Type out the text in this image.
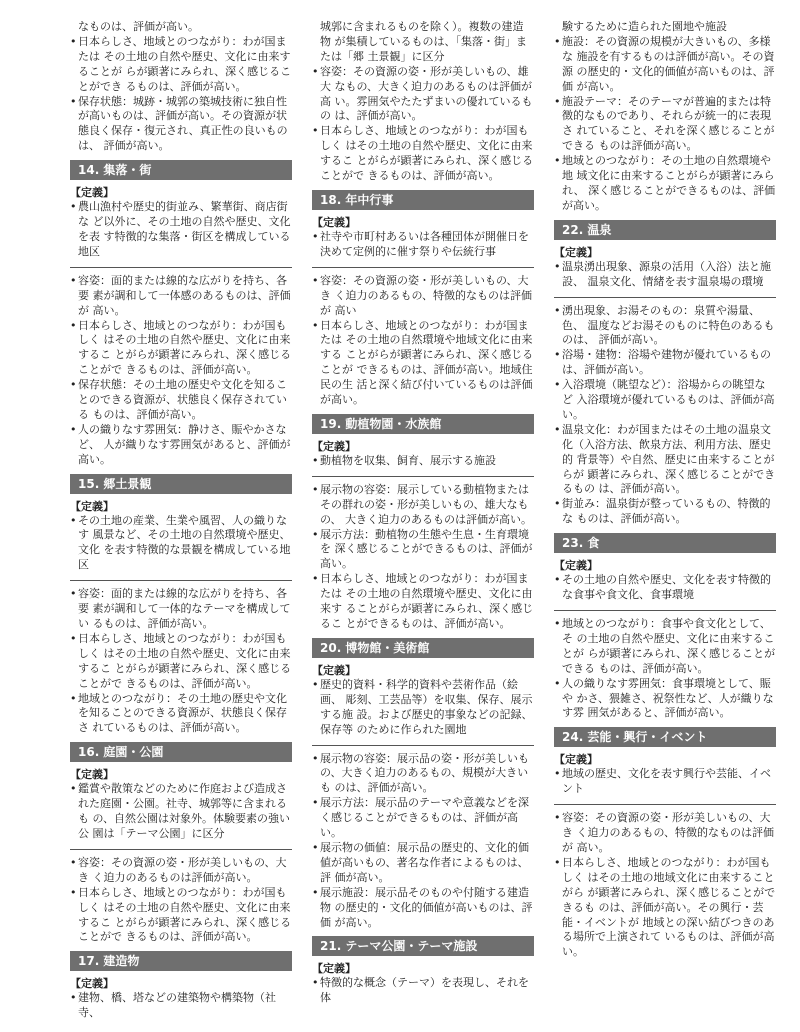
なものは、評価が高い。
• 日本らしさ、地域とのつながり：わが国または その土地の自然や歴史、文化に由来することが らが顕著にみられ、深く感じることができ るものは、評価が高い。
• 保存状態：城跡・城郭の築城技術に独自性 が高いものは、評価が高い。その資源が状 態良く保存・復元され、真正性の良いものは、 評価が高い。
14. 集落・街
【定義】
• 農山漁村や歴史的街並み、繁華街、商店街な ど以外に、その土地の自然や歴史、文化を表 す特徴的な集落・街区を構成している地区
• 容姿：面的または線的な広がりを持ち、各要 素が調和して一体感のあるものは、評価が 高い。
• 日本らしさ、地域とのつながり：わが国もしく はその土地の自然や歴史、文化に由来するこ とがらが顕著にみられ、深く感じることがで きるものは、評価が高い。
• 保存状態：その土地の歴史や文化を知るこ とのできる資源が、状態良く保存されている ものは、評価が高い。
• 人の織りなす雰囲気：静けさ、賑やかさなど、 人が織りなす雰囲気があると、評価が高い。
15. 郷土景観
【定義】
• その土地の産業、生業や風習、人の織りなす 風景など、その土地の自然環境や歴史、文化 を表す特徴的な景観を構成している地区
• 容姿：面的または線的な広がりを持ち、各要 素が調和して一体的なテーマを構成してい るものは、評価が高い。
• 日本らしさ、地域とのつながり：わが国もしく はその土地の自然や歴史、文化に由来するこ とがらが顕著にみられ、深く感じることがで きるものは、評価が高い。
• 地域とのつながり：その土地の歴史や文化 を知ることのできる資源が、状態良く保存さ れているものは、評価が高い。
16. 庭園・公園
【定義】
• 鑑賞や散策などのために作庭および造成さ れた庭園・公園。社寺、城郭等に含まれるも の、自然公園は対象外。体験要素の強い公 園は「テーマ公園」に区分
• 容姿：その資源の姿・形が美しいもの、大き く迫力のあるものは評価が高い。
• 日本らしさ、地域とのつながり：わが国もしく はその土地の自然や歴史、文化に由来するこ とがらが顕著にみられ、深く感じることがで きるものは、評価が高い。
17. 建造物
【定義】
• 建物、橋、塔などの建築物や構築物（社寺、
城郭に含まれるものを除く）。複数の建造物 が集積しているものは、「集落・街」または「郷 土景観」に区分
• 容姿：その資源の姿・形が美しいもの、雄大 なもの、大きく迫力のあるものは評価が高 い。雰囲気やたたずまいの優れているもの は、評価が高い。
• 日本らしさ、地域とのつながり：わが国もしく はその土地の自然や歴史、文化に由来するこ とがらが顕著にみられ、深く感じることがで きるものは、評価が高い。
18. 年中行事
【定義】
• 社寺や市町村あるいは各種団体が開催日を 決めて定例的に催す祭りや伝統行事
• 容姿：その資源の姿・形が美しいもの、大き く迫力のあるもの、特徴的なものは評価が 高い
• 日本らしさ、地域とのつながり：わが国または その土地の自然環境や地域文化に由来する ことがらが顕著にみられ、深く感じることが できるものは、評価が高い。地域住民の生 活と深く結び付いているものは評価が高い。
19. 動植物園・水族館
【定義】
• 動植物を収集、飼育、展示する施設
• 展示物の容姿：展示している動植物または その群れの姿・形が美しいもの、雄大なもの、 大きく迫力のあるものは評価が高い。
• 展示方法：動植物の生態や生息・生育環境を 深く感じることができるものは、評価が高い。
• 日本らしさ、地域とのつながり：わが国または その土地の自然環境や歴史、文化に由来す ることがらが顕著にみられ、深く感じるこ とができるものは、評価が高い。
20. 博物館・美術館
【定義】
• 歴史的資料・科学的資料や芸術作品（絵画、 彫刻、工芸品等）を収集、保存、展示する施 設。および歴史的事象などの記録、保存等 のために作られた園地
• 展示物の容姿：展示品の姿・形が美しいも の、大きく迫力のあるもの、規模が大きいも のは、評価が高い。
• 展示方法：展示品のテーマや意義などを深 く感じることができるものは、評価が高い。
• 展示物の価値：展示品の歴史的、文化的価 値が高いもの、著名な作者によるものは、評 価が高い。
• 展示施設：展示品そのものや付随する建造物 の歴史的・文化的価値が高いものは、評価 が高い。
21. テーマ公園・テーマ施設
【定義】
• 特徴的な概念（テーマ）を表現し、それを体
験するために造られた園地や施設
• 施設：その資源の規模が大きいもの、多様な 施設を有するものは評価が高い。その資源 の歴史的・文化的価値が高いものは、評価 が高い。
• 施設テーマ：そのテーマが普遍的または特 徴的なものであり、それらが統一的に表現さ れていること、それを深く感じることができる ものは評価が高い。
• 地域とのつながり：その土地の自然環境や地 域文化に由来することがらが顕著にみられ、 深く感じることができるものは、評価が高い。
22. 温泉
【定義】
• 温泉湧出現象、源泉の活用（入浴）法と施設、 温泉文化、情緒を表す温泉場の環境
• 湧出現象、お湯そのもの：泉質や湯量、色、 温度などお湯そのものに特色のあるものは、 評価が高い。
• 浴場・建物：浴場や建物が優れているもの は、評価が高い。
• 入浴環境（眺望など）：浴場からの眺望など 入浴環境が優れているものは、評価が高い。
• 温泉文化：わが国またはその土地の温泉文 化（入浴方法、飲泉方法、利用方法、歴史的 背景等）や自然、歴史に由来することがらが 顕著にみられ、深く感じることができるもの は、評価が高い。
• 街並み：温泉街が整っているもの、特徴的な ものは、評価が高い。
23. 食
【定義】
• その土地の自然や歴史、文化を表す特徴的 な食事や食文化、食事環境
• 地域とのつながり：食事や食文化として、そ の土地の自然や歴史、文化に由来することが らが顕著にみられ、深く感じることができる ものは、評価が高い。
• 人の織りなす雰囲気：食事環境として、賑や かさ、猥雑さ、祝祭性など、人が織りなす雰 囲気があると、評価が高い。
24. 芸能・興行・イベント
【定義】
• 地域の歴史、文化を表す興行や芸能、イベ ント
• 容姿：その資源の姿・形が美しいもの、大き く迫力のあるもの、特徴的なものは評価が 高い。
• 日本らしさ、地域とのつながり：わが国もしく はその土地の地域文化に由来することがら が顕著にみられ、深く感じることができるも のは、評価が高い。その興行・芸能・イベントが 地域との深い結びつきのある場所で上演されて いるものは、評価が高い。
